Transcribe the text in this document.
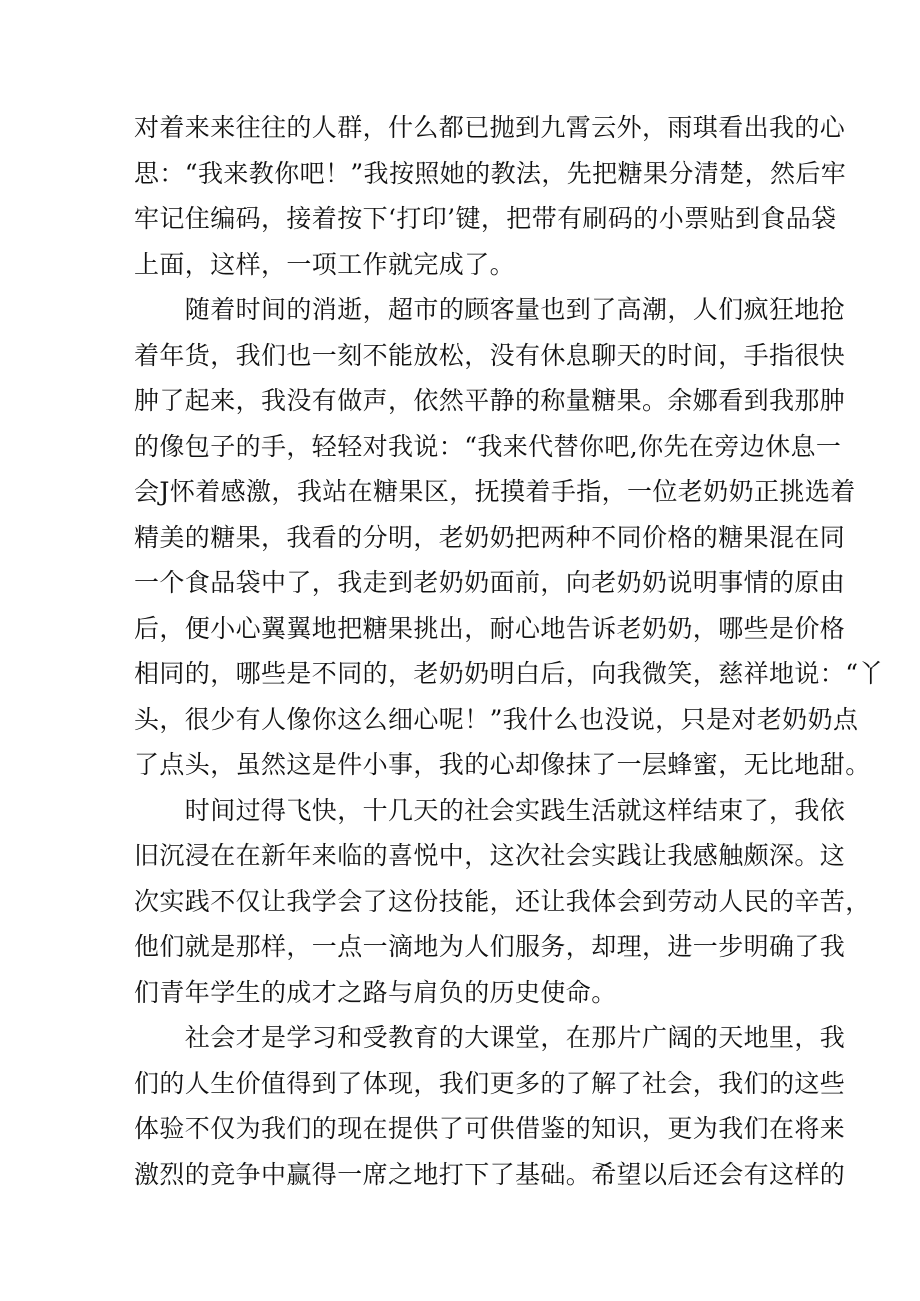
对着来来往往的人群，什么都已抛到九霄云外，雨琪看出我的心
思：“我来教你吧！”我按照她的教法，先把糖果分清楚，然后牢
牢记住编码，接着按下‘打印’键，把带有刷码的小票贴到食品袋
上面，这样，一项工作就完成了。
　　随着时间的消逝，超市的顾客量也到了高潮，人们疯狂地抢
着年货，我们也一刻不能放松，没有休息聊天的时间，手指很快
肿了起来，我没有做声，依然平静的称量糖果。余娜看到我那肿
的像包子的手，轻轻对我说：“我来代替你吧,你先在旁边休息一
会J怀着感激，我站在糖果区，抚摸着手指，一位老奶奶正挑选着
精美的糖果，我看的分明，老奶奶把两种不同价格的糖果混在同
一个食品袋中了，我走到老奶奶面前，向老奶奶说明事情的原由
后，便小心翼翼地把糖果挑出，耐心地告诉老奶奶，哪些是价格
相同的，哪些是不同的，老奶奶明白后，向我微笑，慈祥地说：“丫
头，很少有人像你这么细心呢！”我什么也没说，只是对老奶奶点
了点头，虽然这是件小事，我的心却像抹了一层蜂蜜，无比地甜。
　　时间过得飞快，十几天的社会实践生活就这样结束了，我依
旧沉浸在在新年来临的喜悦中，这次社会实践让我感触颇深。这
次实践不仅让我学会了这份技能，还让我体会到劳动人民的辛苦，
他们就是那样，一点一滴地为人们服务，却理，进一步明确了我
们青年学生的成才之路与肩负的历史使命。
　　社会才是学习和受教育的大课堂，在那片广阔的天地里，我
们的人生价值得到了体现，我们更多的了解了社会，我们的这些
体验不仅为我们的现在提供了可供借鉴的知识，更为我们在将来
激烈的竞争中赢得一席之地打下了基础。希望以后还会有这样的
